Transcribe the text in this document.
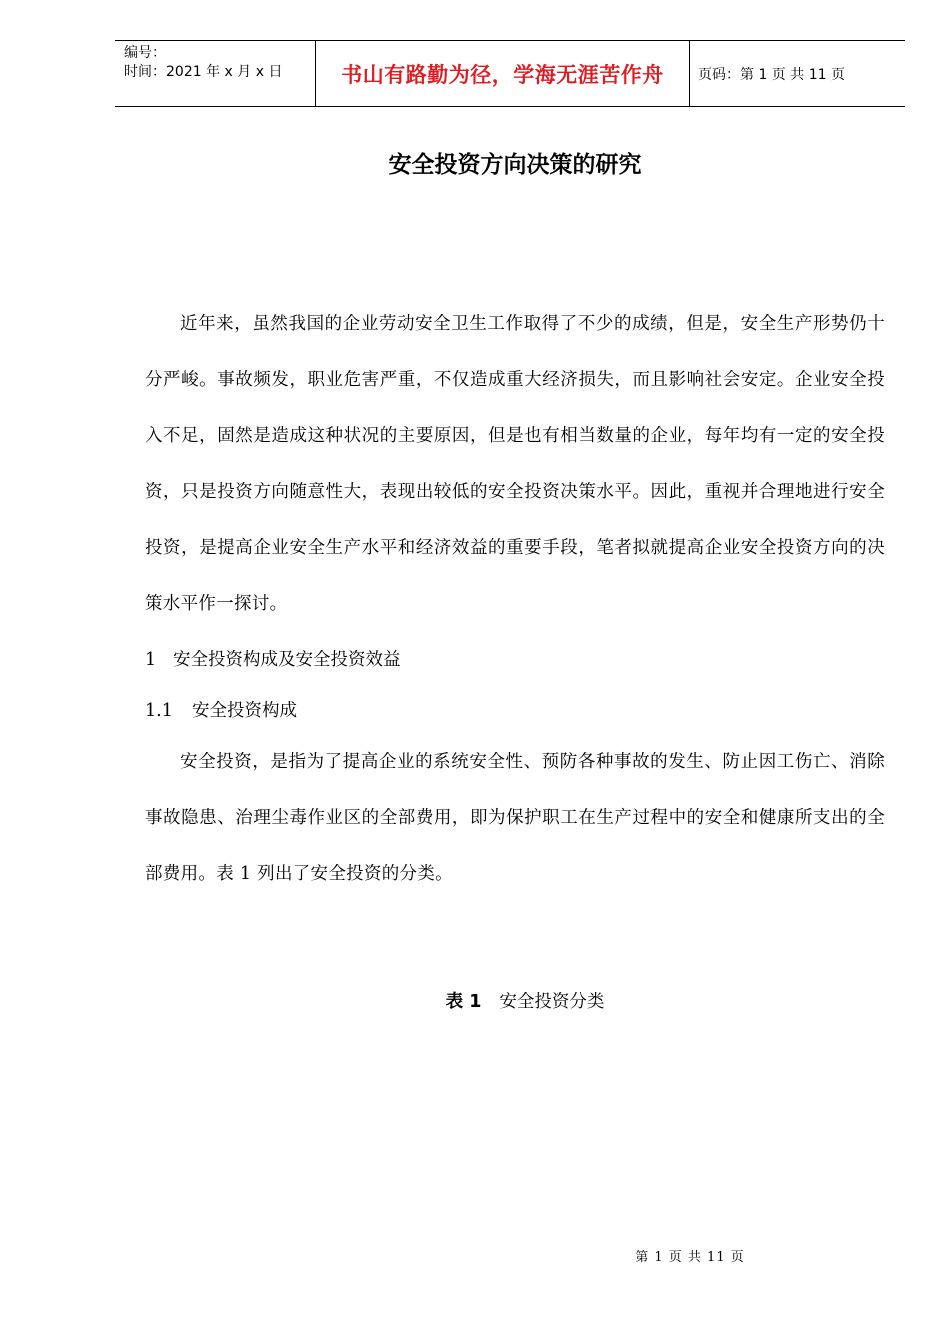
编号：
时间：2021 年 x 月 x 日	书山有路勤为径，学海无涯苦作舟	页码：第 1 页 共 11 页
安全投资方向决策的研究

近年来，虽然我国的企业劳动安全卫生工作取得了不少的成绩，但是，安全生产形势仍十分严峻。事故频发，职业危害严重，不仅造成重大经济损失，而且影响社会安定。企业安全投入不足，固然是造成这种状况的主要原因，但是也有相当数量的企业，每年均有一定的安全投资，只是投资方向随意性大，表现出较低的安全投资决策水平。因此，重视并合理地进行安全投资，是提高企业安全生产水平和经济效益的重要手段，笔者拟就提高企业安全投资方向的决策水平作一探讨。

1 安全投资构成及安全投资效益
1.1 安全投资构成

安全投资，是指为了提高企业的系统安全性、预防各种事故的发生、防止因工伤亡、消除事故隐患、治理尘毒作业区的全部费用，即为保护职工在生产过程中的安全和健康所支出的全部费用。表 1 列出了安全投资的分类。

表 1 安全投资分类
第 1 页 共 11 页
